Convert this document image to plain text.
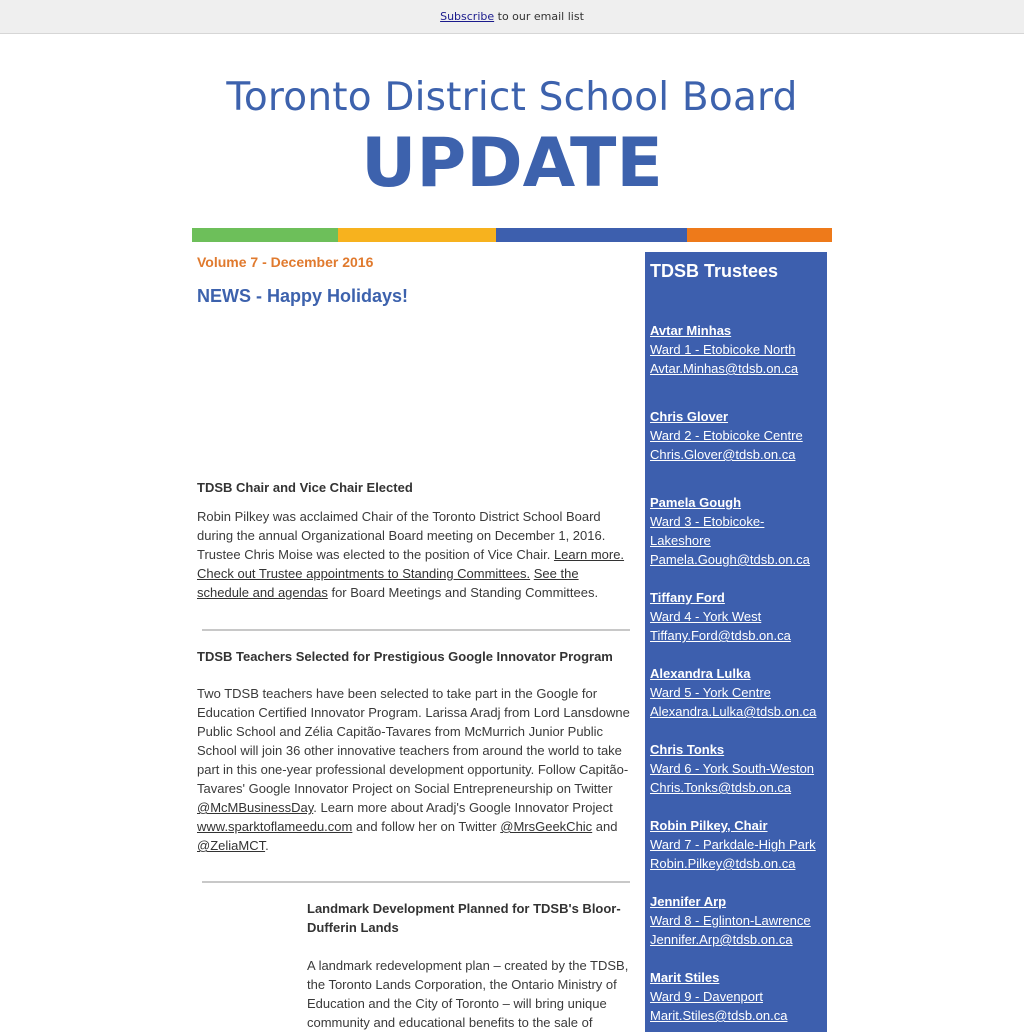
Subscribe to our email list
Toronto District School Board
UPDATE
Volume 7 - December 2016
NEWS - Happy Holidays!
TDSB Chair and Vice Chair Elected

Robin Pilkey was acclaimed Chair of the Toronto District School Board during the annual Organizational Board meeting on December 1, 2016. Trustee Chris Moise was elected to the position of Vice Chair. Learn more. Check out Trustee appointments to Standing Committees. See the schedule and agendas for Board Meetings and Standing Committees.

TDSB Teachers Selected for Prestigious Google Innovator Program

Two TDSB teachers have been selected to take part in the Google for Education Certified Innovator Program. Larissa Aradj from Lord Lansdowne Public School and Zélia Capitão-Tavares from McMurrich Junior Public School will join 36 other innovative teachers from around the world to take part in this one-year professional development opportunity. Follow Capitão-Tavares' Google Innovator Project on Social Entrepreneurship on Twitter @McMBusinessDay. Learn more about Aradj's Google Innovator Project www.sparktoflameedu.com and follow her on Twitter @MrsGeekChic and @ZeliaMCT.

Landmark Development Planned for TDSB's Bloor-Dufferin Lands

A landmark redevelopment plan – created by the TDSB, the Toronto Lands Corporation, the Ontario Ministry of Education and the City of Toronto – will bring unique community and educational benefits to the sale of

TDSB Trustees
Avtar Minhas
Ward 1 - Etobicoke North
Avtar.Minhas@tdsb.on.ca
Chris Glover
Ward 2 - Etobicoke Centre
Chris.Glover@tdsb.on.ca
Pamela Gough
Ward 3 - Etobicoke-Lakeshore
Pamela.Gough@tdsb.on.ca
Tiffany Ford
Ward 4 - York West
Tiffany.Ford@tdsb.on.ca
Alexandra Lulka
Ward 5 - York Centre
Alexandra.Lulka@tdsb.on.ca
Chris Tonks
Ward 6 - York South-Weston
Chris.Tonks@tdsb.on.ca
Robin Pilkey, Chair
Ward 7 - Parkdale-High Park
Robin.Pilkey@tdsb.on.ca
Jennifer Arp
Ward 8 - Eglinton-Lawrence
Jennifer.Arp@tdsb.on.ca
Marit Stiles
Ward 9 - Davenport
Marit.Stiles@tdsb.on.ca
